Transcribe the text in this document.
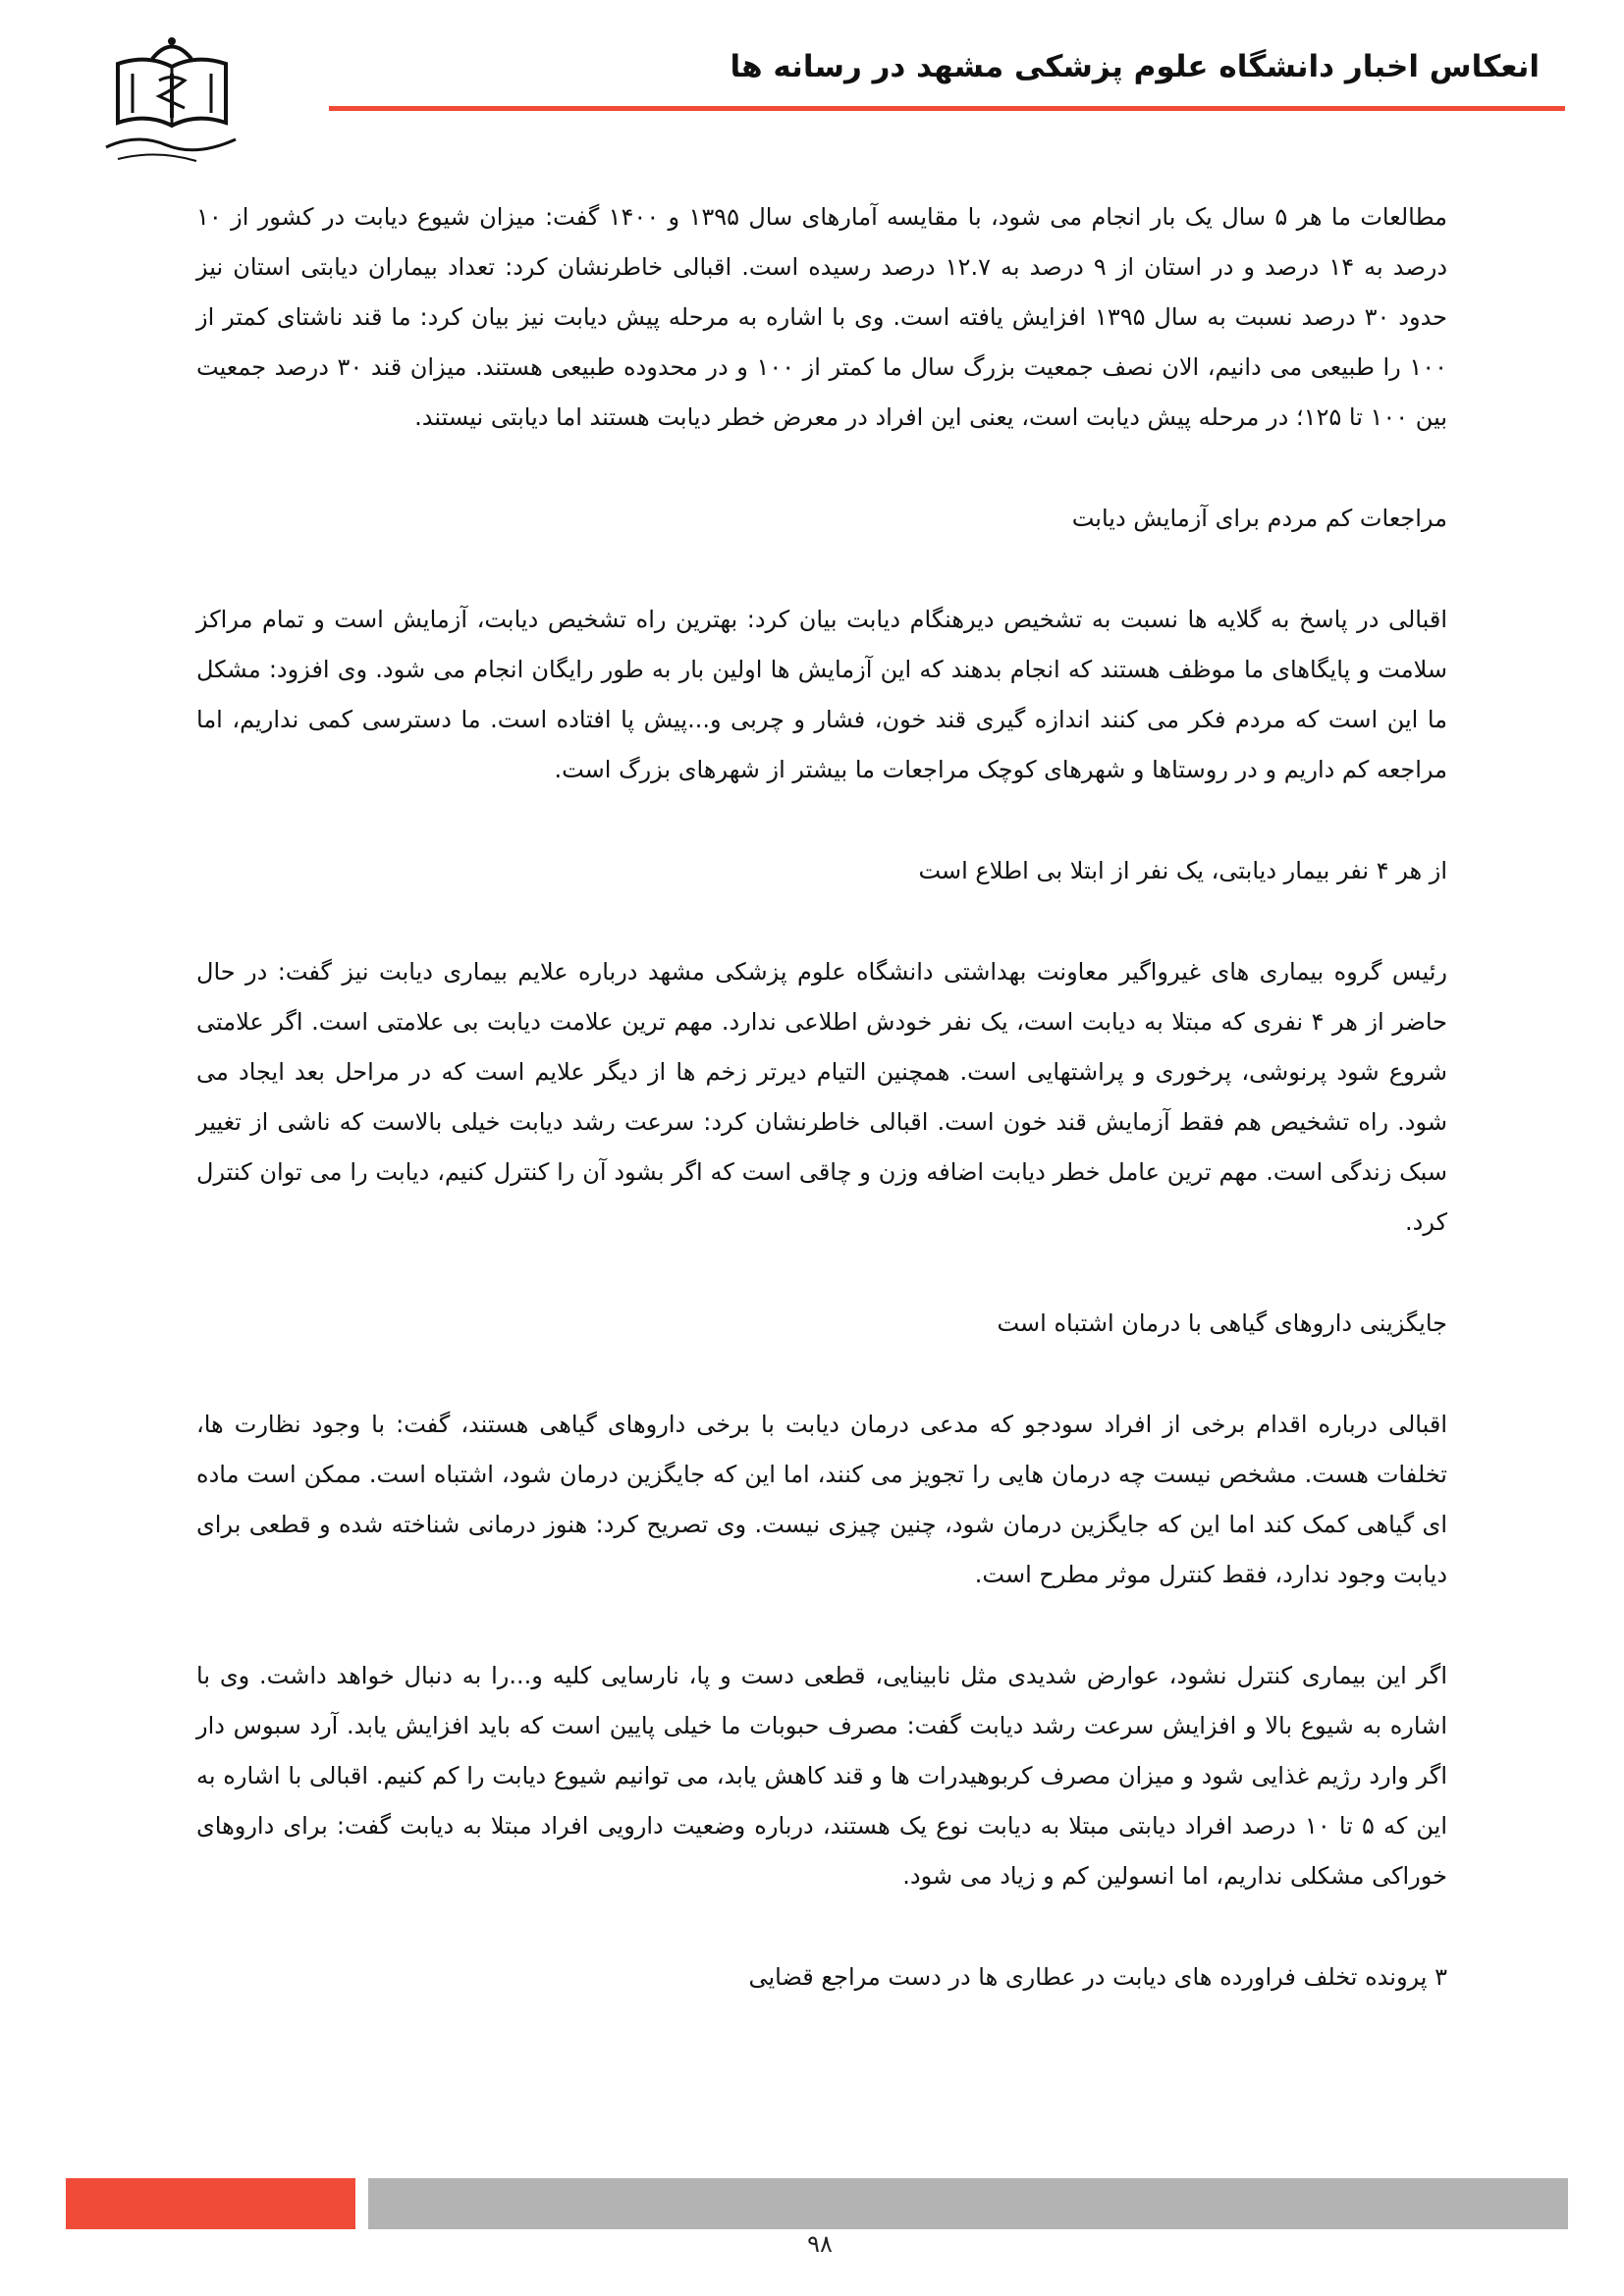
انعکاس اخبار دانشگاه علوم پزشکی مشهد در رسانه ها

مطالعات ما هر ۵ سال یک بار انجام می شود، با مقایسه آمارهای سال ۱۳۹۵ و ۱۴۰۰ گفت: میزان شیوع دیابت در کشور از ۱۰ درصد به ۱۴ درصد و در استان از ۹ درصد به ۱۲.۷ درصد رسیده است. اقبالی خاطرنشان کرد: تعداد بیماران دیابتی استان نیز حدود ۳۰ درصد نسبت به سال ۱۳۹۵ افزایش یافته است. وی با اشاره به مرحله پیش دیابت نیز بیان کرد: ما قند ناشتای کمتر از ۱۰۰ را طبیعی می دانیم، الان نصف جمعیت بزرگ سال ما کمتر از ۱۰۰ و در محدوده طبیعی هستند. میزان قند ۳۰ درصد جمعیت بین ۱۰۰ تا ۱۲۵؛ در مرحله پیش دیابت است، یعنی این افراد در معرض خطر دیابت هستند اما دیابتی نیستند.

مراجعات کم مردم برای آزمایش دیابت

اقبالی در پاسخ به گلایه ها نسبت به تشخیص دیرهنگام دیابت بیان کرد: بهترین راه تشخیص دیابت، آزمایش است و تمام مراکز سلامت و پایگاهای ما موظف هستند که انجام بدهند که این آزمایش ها اولین بار به طور رایگان انجام می شود. وی افزود: مشکل ما این است که مردم فکر می کنند اندازه گیری قند خون، فشار و چربی و...پیش پا افتاده است. ما دسترسی کمی نداریم، اما مراجعه کم داریم و در روستاها و شهرهای کوچک مراجعات ما بیشتر از شهرهای بزرگ است.

از هر ۴ نفر بیمار دیابتی، یک نفر از ابتلا بی اطلاع است

رئیس گروه بیماری های غیرواگیر معاونت بهداشتی دانشگاه علوم پزشکی مشهد درباره علایم بیماری دیابت نیز گفت: در حال حاضر از هر ۴ نفری که مبتلا به دیابت است، یک نفر خودش اطلاعی ندارد. مهم ترین علامت دیابت بی علامتی است. اگر علامتی شروع شود پرنوشی، پرخوری و پراشتهایی است. همچنین التیام دیرتر زخم ها از دیگر علایم است که در مراحل بعد ایجاد می شود. راه تشخیص هم فقط آزمایش قند خون است. اقبالی خاطرنشان کرد: سرعت رشد دیابت خیلی بالاست که ناشی از تغییر سبک زندگی است. مهم ترین عامل خطر دیابت اضافه وزن و چاقی است که اگر بشود آن را کنترل کنیم، دیابت را می توان کنترل کرد.

جایگزینی داروهای گیاهی با درمان اشتباه است

اقبالی درباره اقدام برخی از افراد سودجو که مدعی درمان دیابت با برخی داروهای گیاهی هستند، گفت: با وجود نظارت ها، تخلفات هست. مشخص نیست چه درمان هایی را تجویز می کنند، اما این که جایگزین درمان شود، اشتباه است. ممکن است ماده ای گیاهی کمک کند اما این که جایگزین درمان شود، چنین چیزی نیست. وی تصریح کرد: هنوز درمانی شناخته شده و قطعی برای دیابت وجود ندارد، فقط کنترل موثر مطرح است.

اگر این بیماری کنترل نشود، عوارض شدیدی مثل نابینایی، قطعی دست و پا، نارسایی کلیه و...را به دنبال خواهد داشت. وی با اشاره به شیوع بالا و افزایش سرعت رشد دیابت گفت: مصرف حبوبات ما خیلی پایین است که باید افزایش یابد. آرد سبوس دار اگر وارد رژیم غذایی شود و میزان مصرف کربوهیدرات ها و قند کاهش یابد، می توانیم شیوع دیابت را کم کنیم. اقبالی با اشاره به این که ۵ تا ۱۰ درصد افراد دیابتی مبتلا به دیابت نوع یک هستند، درباره وضعیت دارویی افراد مبتلا به دیابت گفت: برای داروهای خوراکی مشکلی نداریم، اما انسولین کم و زیاد می شود.

۳ پرونده تخلف فراورده های دیابت در عطاری ها در دست مراجع قضایی

۹۸
